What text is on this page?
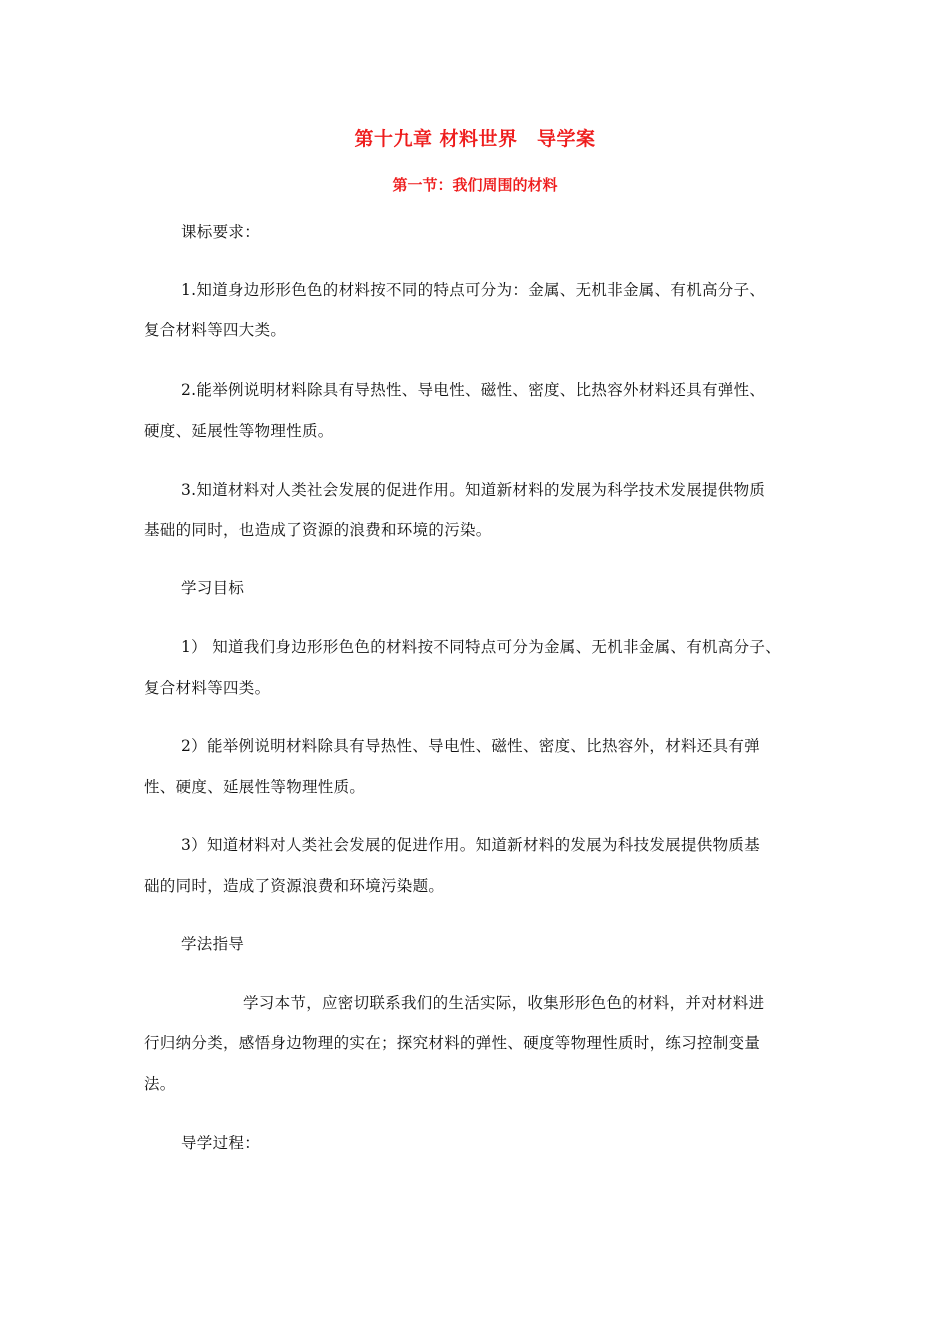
第十九章 材料世界　导学案
第一节：我们周围的材料
课标要求：
1.知道身边形形色色的材料按不同的特点可分为：金属、无机非金属、有机高分子、
复合材料等四大类。
2.能举例说明材料除具有导热性、导电性、磁性、密度、比热容外材料还具有弹性、
硬度、延展性等物理性质。
3.知道材料对人类社会发展的促进作用。知道新材料的发展为科学技术发展提供物质
基础的同时，也造成了资源的浪费和环境的污染。
学习目标
1） 知道我们身边形形色色的材料按不同特点可分为金属、无机非金属、有机高分子、
复合材料等四类。
2）能举例说明材料除具有导热性、导电性、磁性、密度、比热容外，材料还具有弹
性、硬度、延展性等物理性质。
3）知道材料对人类社会发展的促进作用。知道新材料的发展为科技发展提供物质基
础的同时，造成了资源浪费和环境污染题。
学法指导
学习本节，应密切联系我们的生活实际，收集形形色色的材料，并对材料进
行归纳分类，感悟身边物理的实在；探究材料的弹性、硬度等物理性质时，练习控制变量
法。
导学过程：
